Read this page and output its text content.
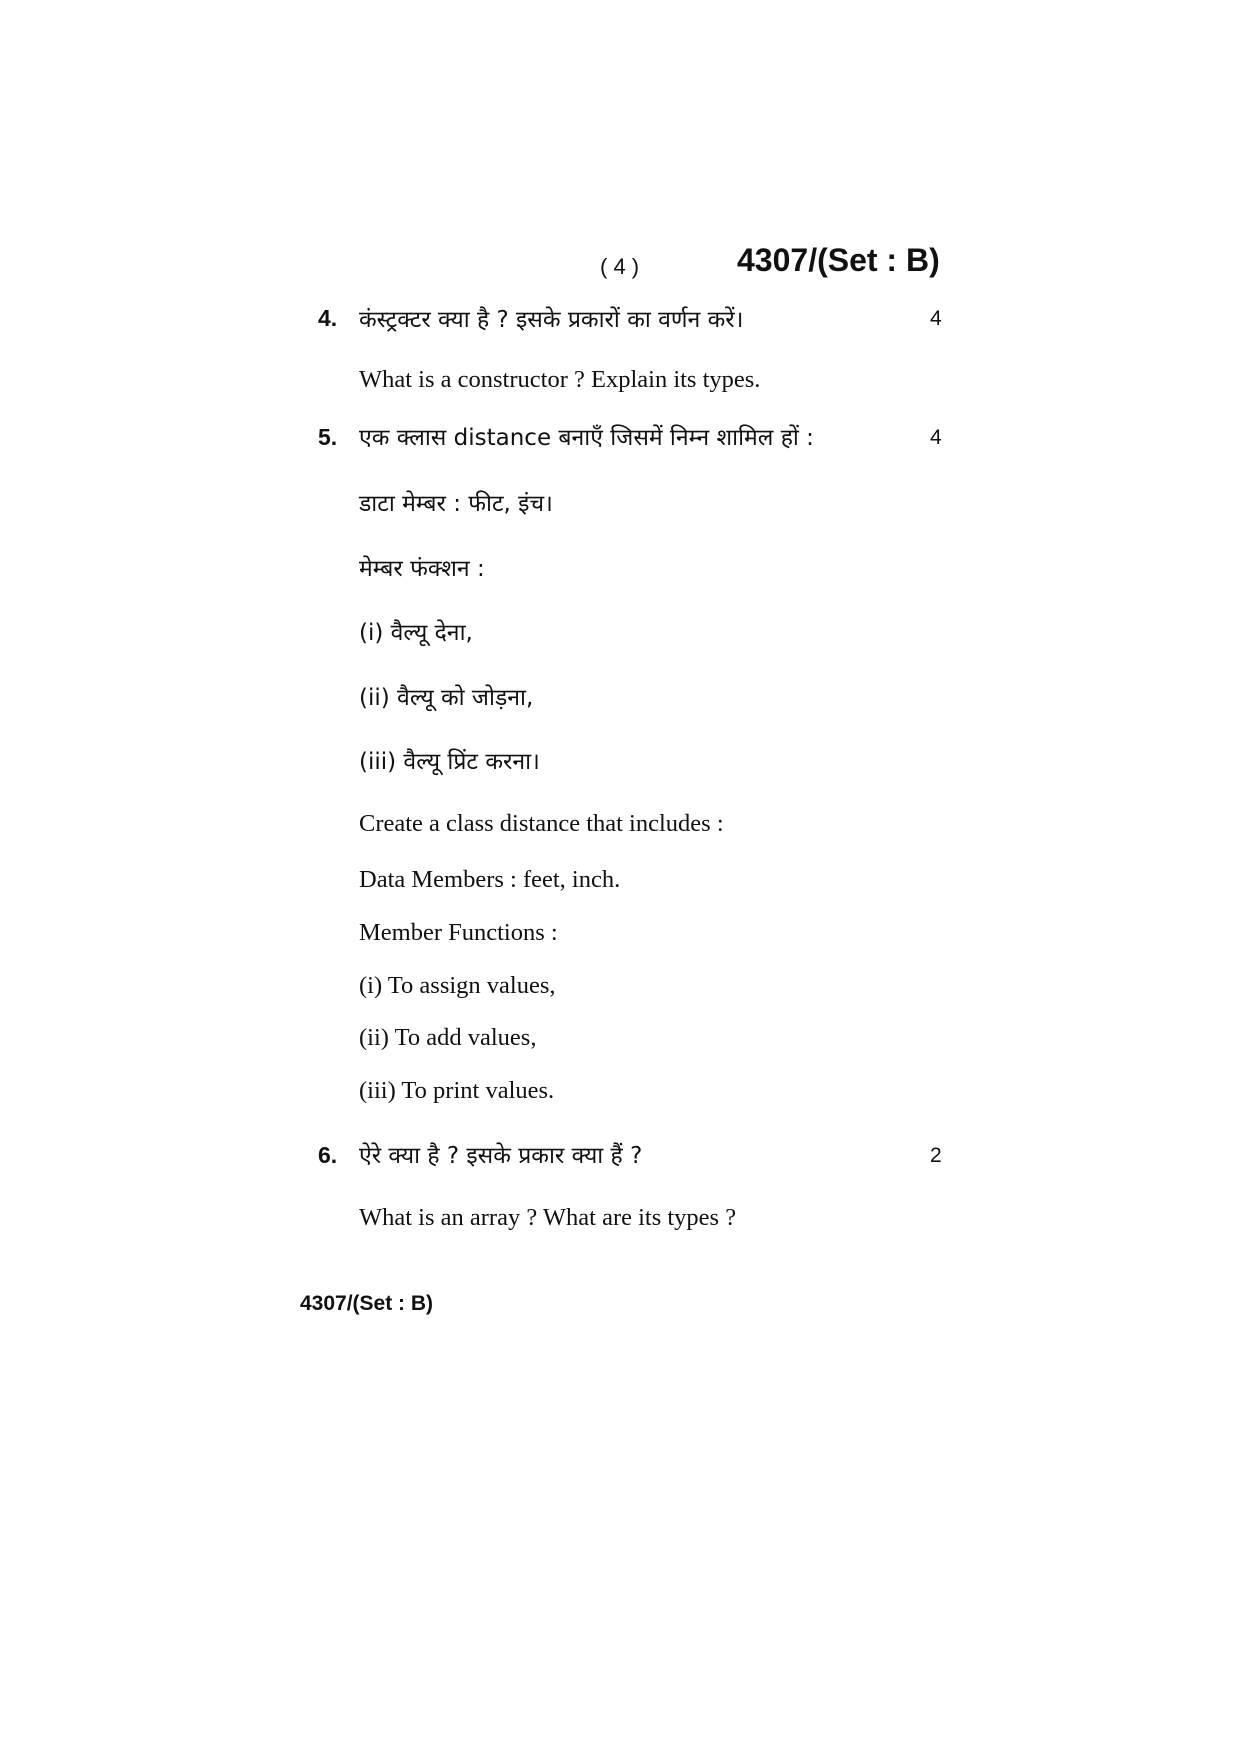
( 4 )	4307/(Set : B)
4. कंस्ट्रक्टर क्या है ? इसके प्रकारों का वर्णन करें।	4
What is a constructor ? Explain its types.
5. एक क्लास distance बनाएँ जिसमें निम्न शामिल हों :	4
डाटा मेम्बर : फीट, इंच।
मेम्बर फंक्शन :
(i) वैल्यू देना,
(ii) वैल्यू को जोड़ना,
(iii) वैल्यू प्रिंट करना।
Create a class distance that includes :
Data Members : feet, inch.
Member Functions :
(i) To assign values,
(ii) To add values,
(iii) To print values.
6. ऐरे क्या है ? इसके प्रकार क्या हैं ?	2
What is an array ? What are its types ?
4307/(Set : B)
